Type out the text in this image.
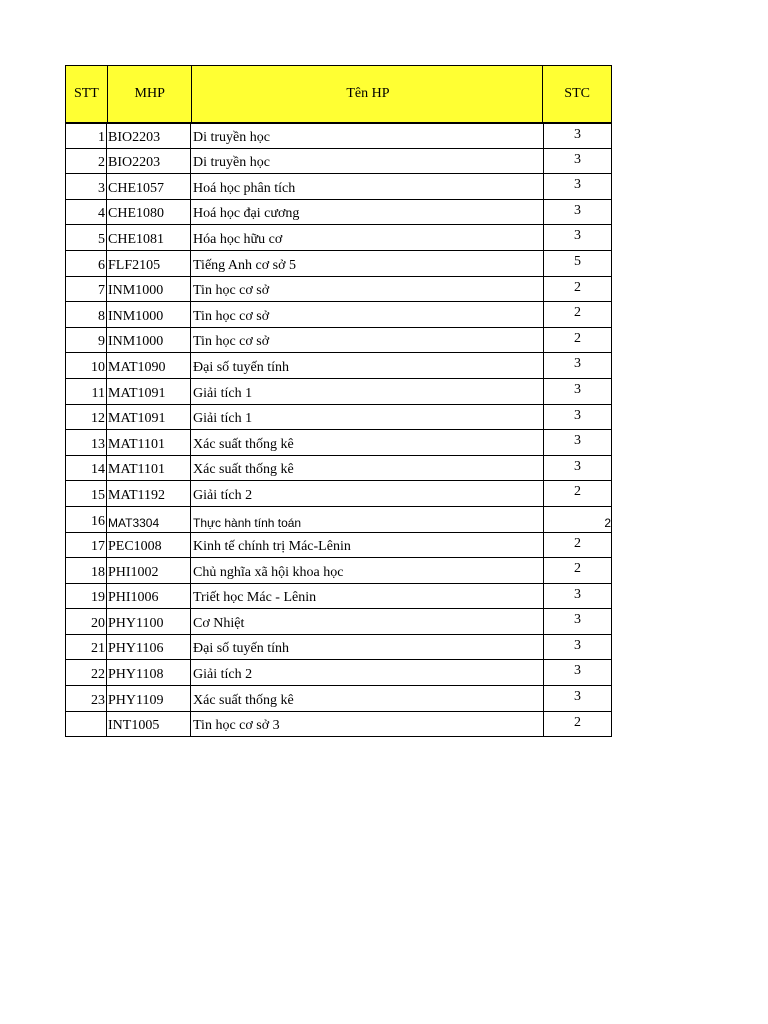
STT	MHP	Tên HP	STC
1 BIO2203	Di truyền học	3
2 BIO2203	Di truyền học	3
3 CHE1057	Hoá học phân tích	3
4 CHE1080	Hoá học đại cương	3
5 CHE1081	Hóa học hữu cơ	3
6 FLF2105	Tiếng Anh cơ sở 5	5
7 INM1000	Tin học cơ sở	2
8 INM1000	Tin học cơ sở	2
9 INM1000	Tin học cơ sở	2
10 MAT1090	Đại số tuyến tính	3
11 MAT1091	Giải tích 1	3
12 MAT1091	Giải tích 1	3
13 MAT1101	Xác suất thống kê	3
14 MAT1101	Xác suất thống kê	3
15 MAT1192	Giải tích 2	2
16 MAT3304	Thực hành tính toán	2
17 PEC1008	Kinh tế chính trị Mác-Lênin	2
18 PHI1002	Chủ nghĩa xã hội khoa học	2
19 PHI1006	Triết học Mác - Lênin	3
20 PHY1100	Cơ Nhiệt	3
21 PHY1106	Đại số tuyến tính	3
22 PHY1108	Giải tích 2	3
23 PHY1109	Xác suất thống kê	3
INT1005	Tin học cơ sở 3	2
